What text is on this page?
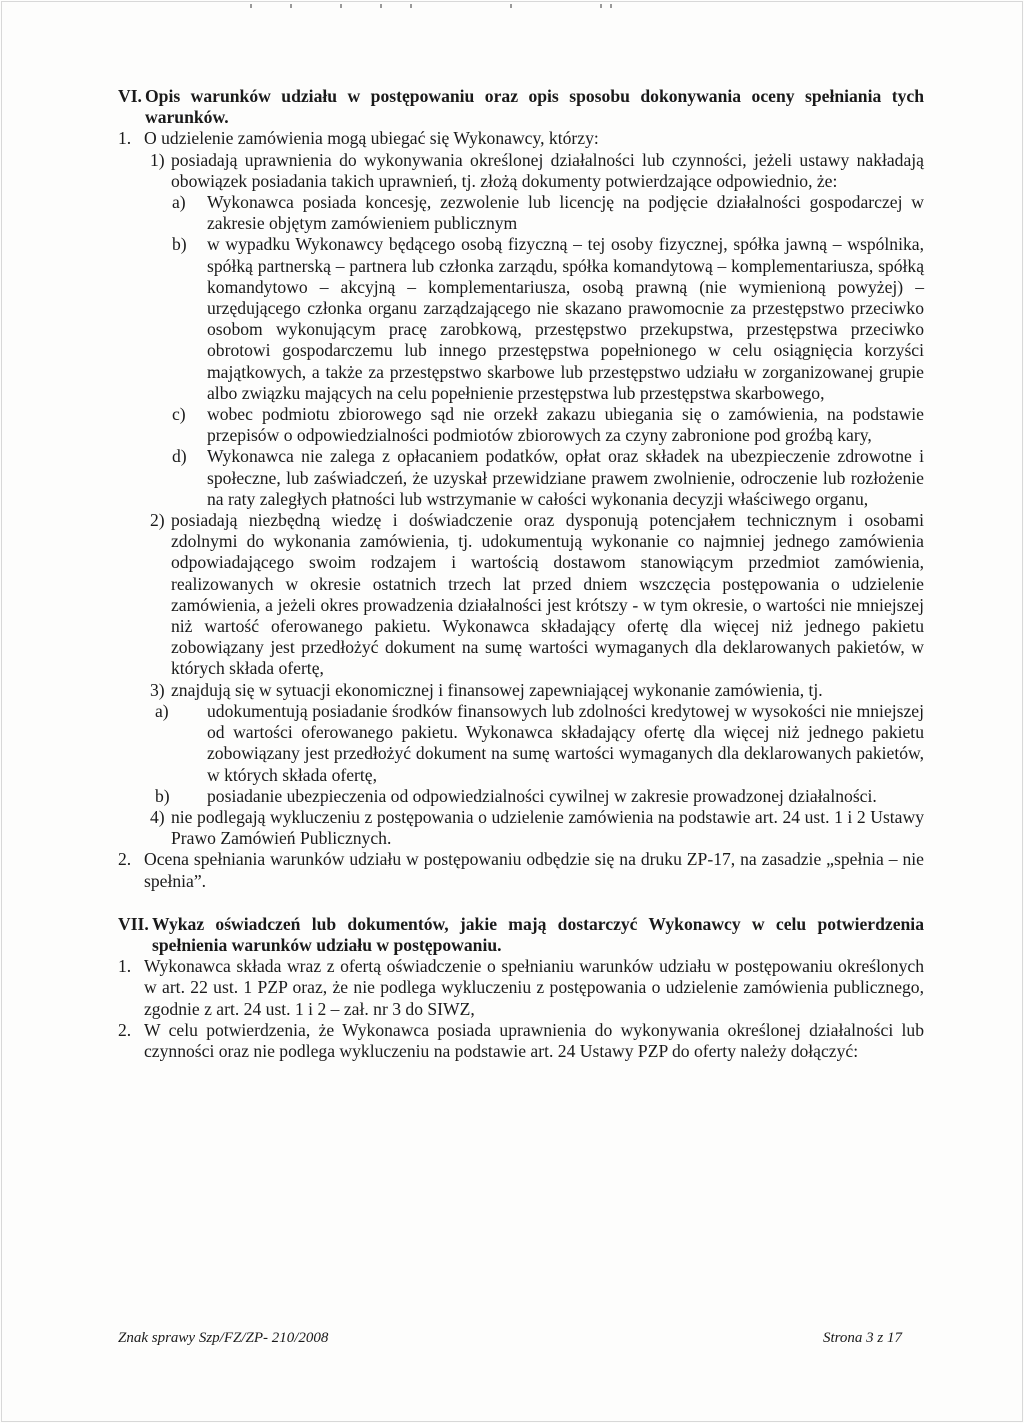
VI. Opis warunków udziału w postępowaniu oraz opis sposobu dokonywania oceny spełniania tych warunków.
1. O udzielenie zamówienia mogą ubiegać się Wykonawcy, którzy:
1) posiadają uprawnienia do wykonywania określonej działalności lub czynności, jeżeli ustawy nakładają obowiązek posiadania takich uprawnień, tj. złożą dokumenty potwierdzające odpowiednio, że:
a)	Wykonawca posiada koncesję, zezwolenie lub licencję na podjęcie działalności gospodarczej w zakresie objętym zamówieniem publicznym
b)	w wypadku Wykonawcy będącego osobą fizyczną – tej osoby fizycznej, spółka jawną – wspólnika, spółką partnerską – partnera lub członka zarządu, spółka komandytową – komplementariusza, spółką komandytowo – akcyjną – komplementariusza, osobą prawną (nie wymienioną powyżej) – urzędującego członka organu zarządzającego nie skazano prawomocnie za przestępstwo przeciwko osobom wykonującym pracę zarobkową, przestępstwo przekupstwa, przestępstwa przeciwko obrotowi gospodarczemu lub innego przestępstwa popełnionego w celu osiągnięcia korzyści majątkowych, a także za przestępstwo skarbowe lub przestępstwo udziału w zorganizowanej grupie albo związku mających na celu popełnienie przestępstwa lub przestępstwa skarbowego,
c)	wobec podmiotu zbiorowego sąd nie orzekł zakazu ubiegania się o zamówienia, na podstawie przepisów o odpowiedzialności podmiotów zbiorowych za czyny zabronione pod groźbą kary,
d)	Wykonawca nie zalega z opłacaniem podatków, opłat oraz składek na ubezpieczenie zdrowotne i społeczne, lub zaświadczeń, że uzyskał przewidziane prawem zwolnienie, odroczenie lub rozłożenie na raty zaległych płatności lub wstrzymanie w całości wykonania decyzji właściwego organu,
2) posiadają niezbędną wiedzę i doświadczenie oraz dysponują potencjałem technicznym i osobami zdolnymi do wykonania zamówienia, tj. udokumentują wykonanie co najmniej jednego zamówienia odpowiadającego swoim rodzajem i wartością dostawom stanowiącym przedmiot zamówienia, realizowanych w okresie ostatnich trzech lat przed dniem wszczęcia postępowania o udzielenie zamówienia, a jeżeli okres prowadzenia działalności jest krótszy - w tym okresie, o wartości nie mniejszej niż wartość oferowanego pakietu. Wykonawca składający ofertę dla więcej niż jednego pakietu zobowiązany jest przedłożyć dokument na sumę wartości wymaganych dla deklarowanych pakietów, w których składa ofertę,
3) znajdują się w sytuacji ekonomicznej i finansowej zapewniającej wykonanie zamówienia, tj.
a)	udokumentują posiadanie środków finansowych lub zdolności kredytowej w wysokości nie mniejszej od wartości oferowanego pakietu. Wykonawca składający ofertę dla więcej niż jednego pakietu zobowiązany jest przedłożyć dokument na sumę wartości wymaganych dla deklarowanych pakietów, w których składa ofertę,
b)	posiadanie ubezpieczenia od odpowiedzialności cywilnej w zakresie prowadzonej działalności.
4) nie podlegają wykluczeniu z postępowania o udzielenie zamówienia na podstawie art. 24 ust. 1 i 2 Ustawy Prawo Zamówień Publicznych.
2. Ocena spełniania warunków udziału w postępowaniu odbędzie się na druku ZP-17, na zasadzie „spełnia – nie spełnia”.
VII. Wykaz oświadczeń lub dokumentów, jakie mają dostarczyć Wykonawcy w celu potwierdzenia spełnienia warunków udziału w postępowaniu.
1. Wykonawca składa wraz z ofertą oświadczenie o spełnianiu warunków udziału w postępowaniu określonych w art. 22 ust. 1 PZP oraz, że nie podlega wykluczeniu z postępowania o udzielenie zamówienia publicznego, zgodnie z art. 24 ust. 1 i 2 – zał. nr 3 do SIWZ,
2. W celu potwierdzenia, że Wykonawca posiada uprawnienia do wykonywania określonej działalności lub czynności oraz nie podlega wykluczeniu na podstawie art. 24 Ustawy PZP do oferty należy dołączyć:
Znak sprawy Szp/FZ/ZP- 210/2008	Strona 3 z 17
